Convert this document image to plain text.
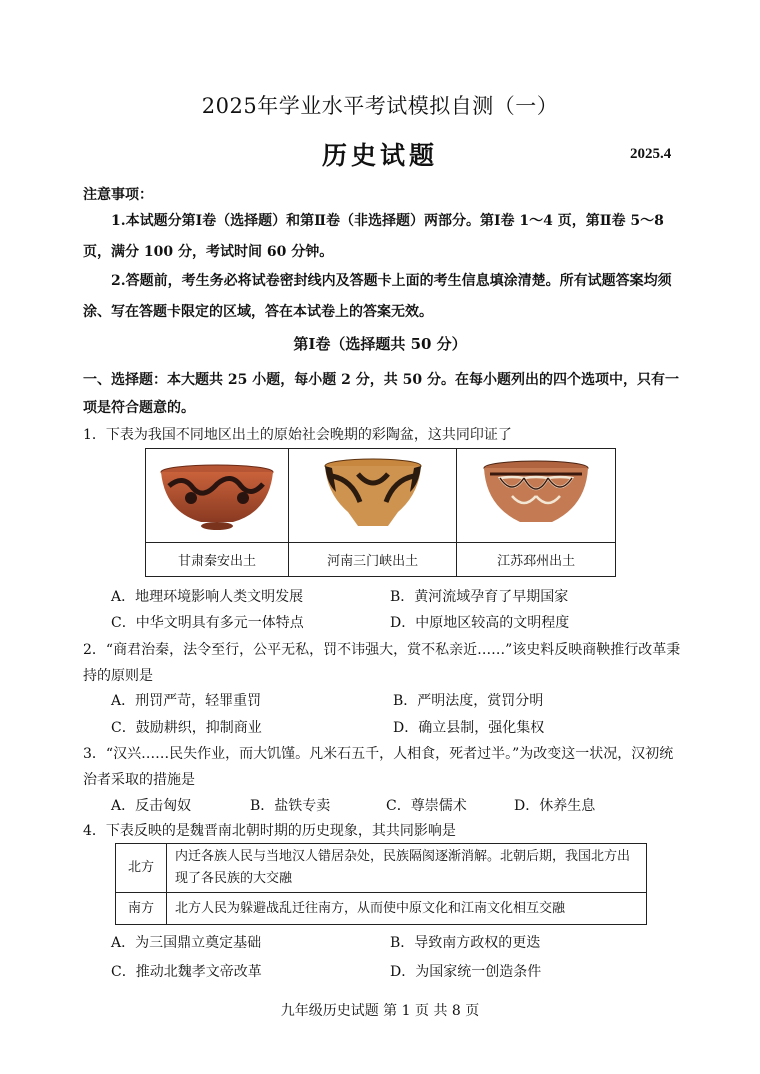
2025年学业水平考试模拟自测（一）
历史试题	2025.4
注意事项：
1.本试题分第Ⅰ卷（选择题）和第Ⅱ卷（非选择题）两部分。第Ⅰ卷 1～4 页，第Ⅱ卷 5～8 页，满分 100 分，考试时间 60 分钟。
2.答题前，考生务必将试卷密封线内及答题卡上面的考生信息填涂清楚。所有试题答案均须涂、写在答题卡限定的区域，答在本试卷上的答案无效。
第Ⅰ卷（选择题共 50 分）
一、选择题：本大题共 25 小题，每小题 2 分，共 50 分。在每小题列出的四个选项中，只有一项是符合题意的。
1．下表为我国不同地区出土的原始社会晚期的彩陶盆，这共同印证了

甘肃秦安出土	河南三门峡出土	江苏邳州出土
A．地理环境影响人类文明发展	B．黄河流域孕育了早期国家
C．中华文明具有多元一体特点	D．中原地区较高的文明程度
2．“商君治秦，法令至行，公平无私，罚不讳强大，赏不私亲近……”该史料反映商鞅推行改革秉持的原则是
A．刑罚严苛，轻罪重罚	B．严明法度，赏罚分明
C．鼓励耕织，抑制商业	D．确立县制，强化集权
3．“汉兴……民失作业，而大饥馑。凡米石五千，人相食，死者过半。”为改变这一状况，汉初统治者采取的措施是
A．反击匈奴	B．盐铁专卖	C．尊崇儒术	D．休养生息
4．下表反映的是魏晋南北朝时期的历史现象，其共同影响是
北方	内迁各族人民与当地汉人错居杂处，民族隔阂逐渐消解。北朝后期，我国北方出现了各民族的大交融
南方	北方人民为躲避战乱迁往南方，从而使中原文化和江南文化相互交融
A．为三国鼎立奠定基础	B．导致南方政权的更迭
C．推动北魏孝文帝改革	D．为国家统一创造条件
九年级历史试题 第 1 页 共 8 页
